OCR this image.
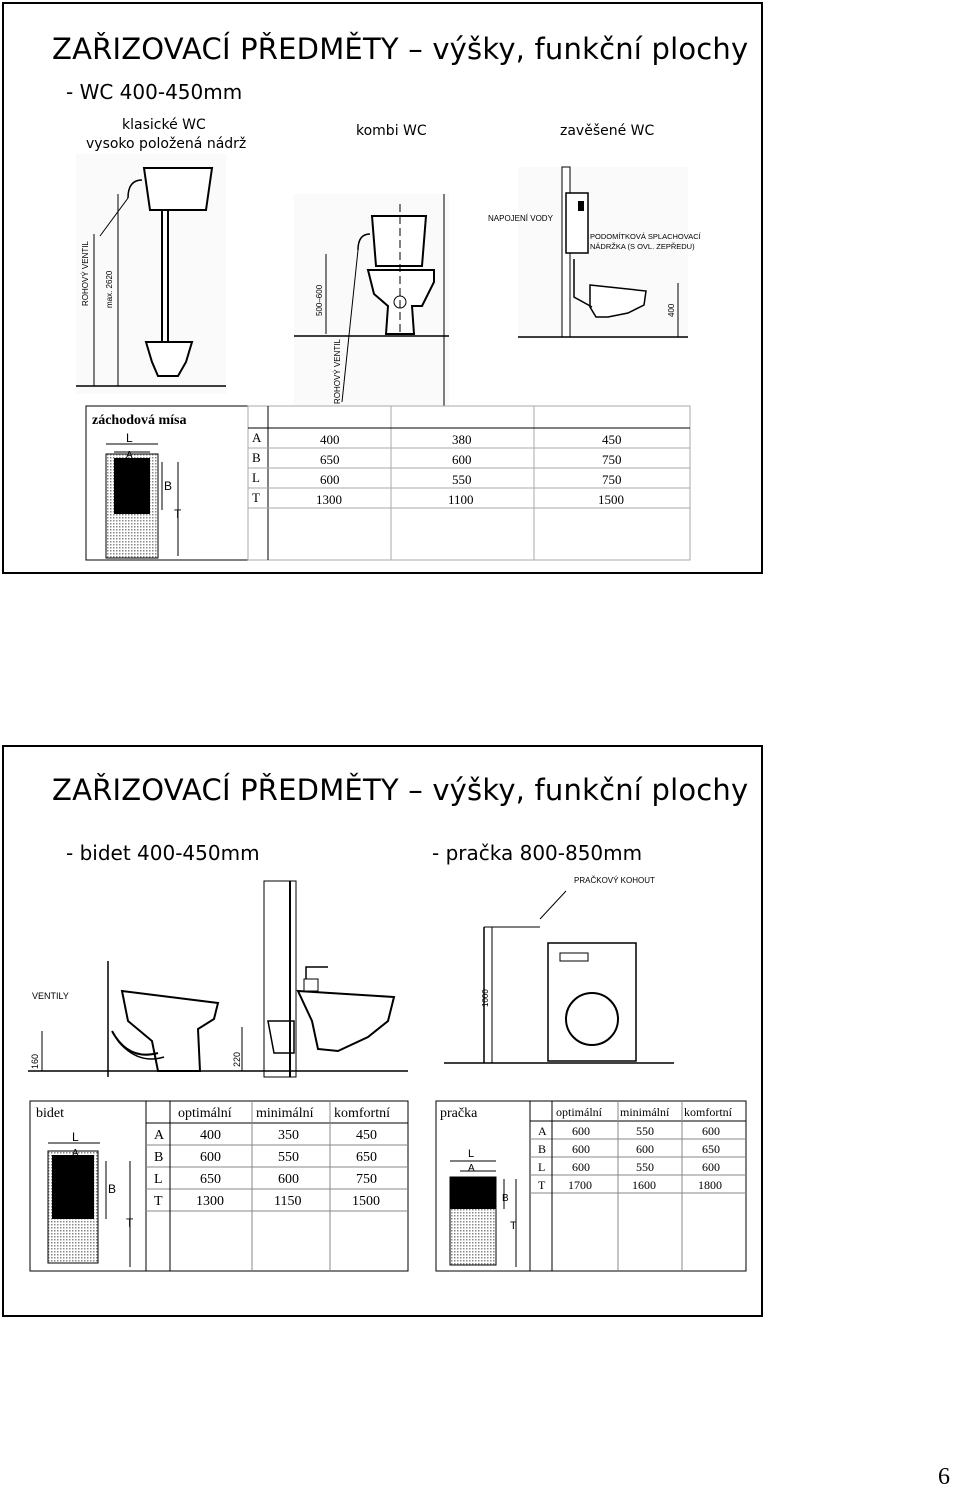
ZAŘIZOVACÍ PŘEDMĚTY – výšky, funkční plochy
- WC 400-450mm
klasické WC
vysoko položená nádrž
kombi WC	zavěšené WC
ROHOVÝ VENTIL max. 2620	500–600
ROHOVÝ VENTIL
NAPOJENÍ VODY
PODOMÍTKOVÁ SPLACHOVACÍ
NÁDRŽKA (S OVL. ZEPŘEDU)
400
záchodová mísa
L
A
B
T
A	400	380	450
B	650	600	750
L	600	550	750
T	1300	1100	1500
ZAŘIZOVACÍ PŘEDMĚTY – výšky, funkční plochy
- bidet 400-450mm	- pračka 800-850mm
VENTILY
160	220
PRAČKOVÝ KOHOUT
1000
bidet
L
A
B
T
optimální minimální komfortní
A	400	350	450
B	600	550	650
L	650	600	750
T 1300	1150	1500
pračka
L
A
B
T
optimální minimální komfortní
A 600	550	600
B 600	600	650
L 600	550	600
T 1700	1600	1800
6
